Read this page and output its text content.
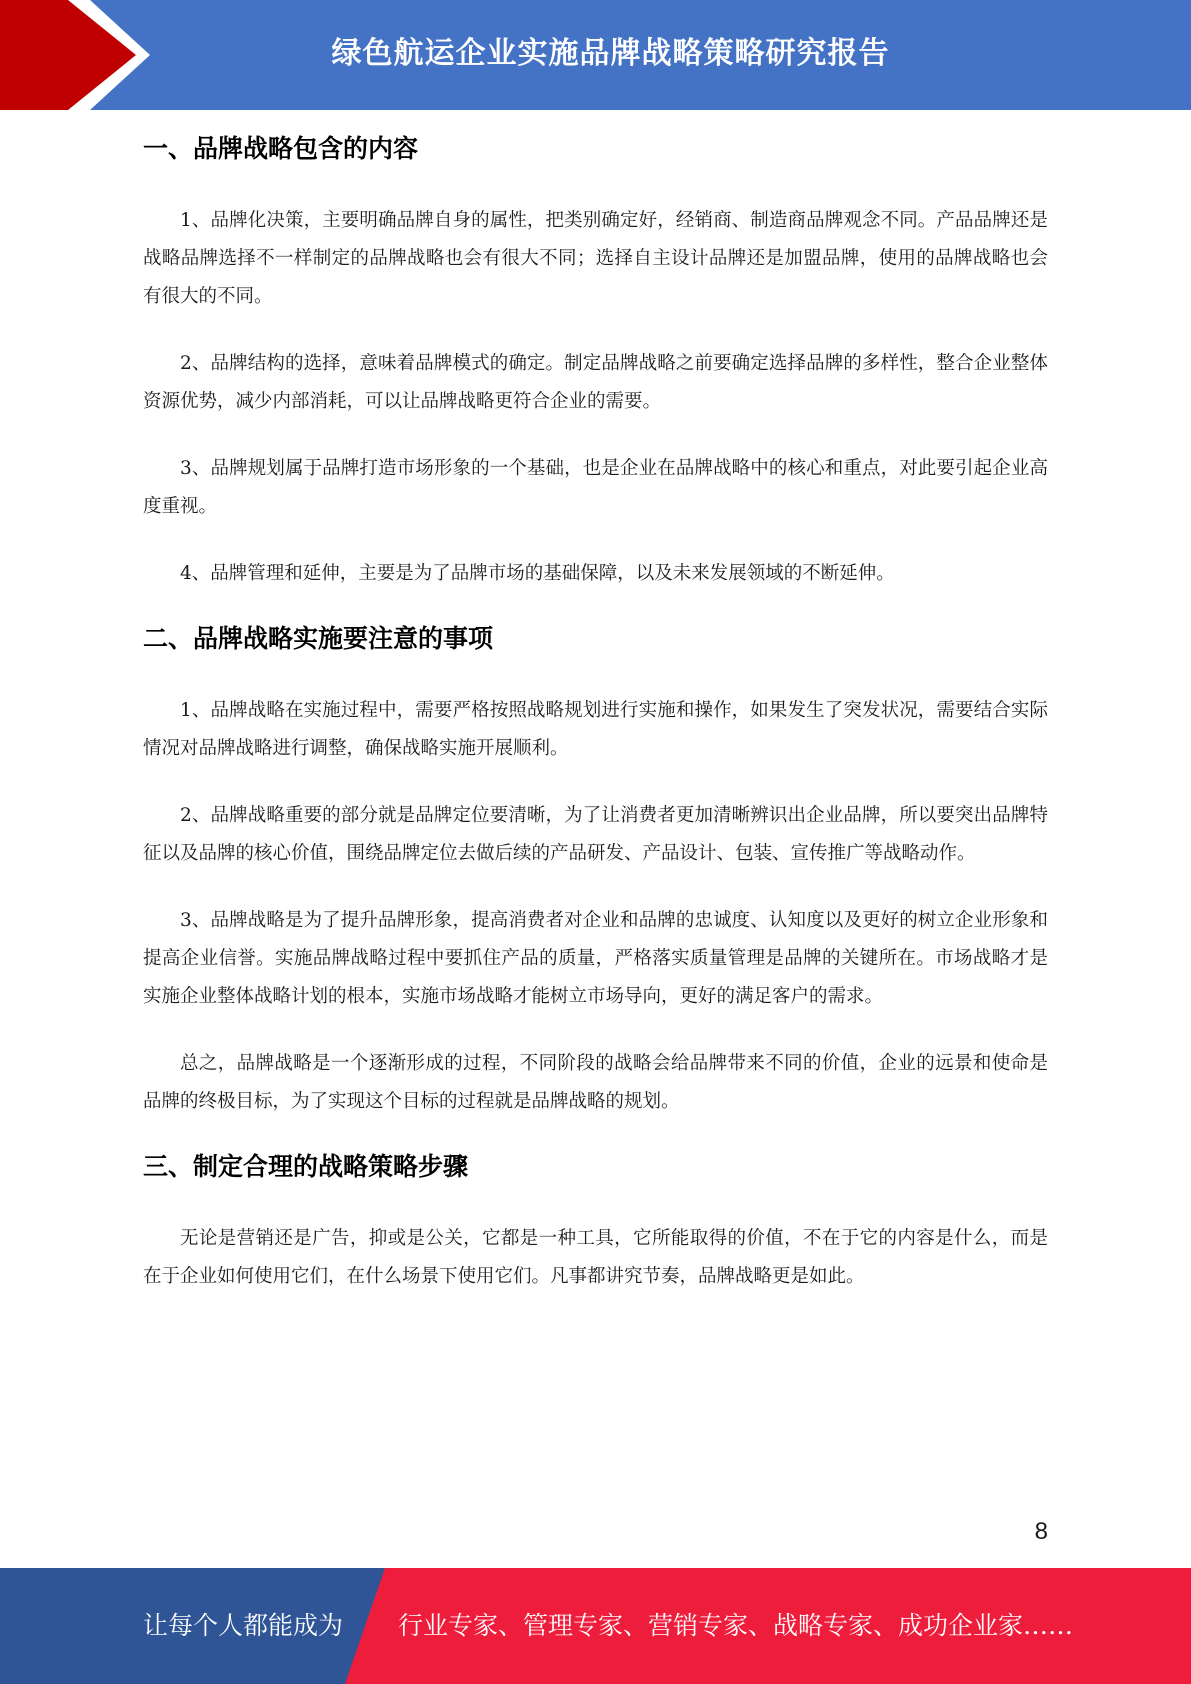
绿色航运企业实施品牌战略策略研究报告
一、品牌战略包含的内容

1、品牌化决策，主要明确品牌自身的属性，把类别确定好，经销商、制造商品牌观念不同。产品品牌还是战略品牌选择不一样制定的品牌战略也会有很大不同；选择自主设计品牌还是加盟品牌，使用的品牌战略也会有很大的不同。

2、品牌结构的选择，意味着品牌模式的确定。制定品牌战略之前要确定选择品牌的多样性，整合企业整体资源优势，减少内部消耗，可以让品牌战略更符合企业的需要。

3、品牌规划属于品牌打造市场形象的一个基础，也是企业在品牌战略中的核心和重点，对此要引起企业高度重视。

4、品牌管理和延伸，主要是为了品牌市场的基础保障，以及未来发展领域的不断延伸。

二、品牌战略实施要注意的事项

1、品牌战略在实施过程中，需要严格按照战略规划进行实施和操作，如果发生了突发状况，需要结合实际情况对品牌战略进行调整，确保战略实施开展顺利。

2、品牌战略重要的部分就是品牌定位要清晰，为了让消费者更加清晰辨识出企业品牌，所以要突出品牌特征以及品牌的核心价值，围绕品牌定位去做后续的产品研发、产品设计、包装、宣传推广等战略动作。

3、品牌战略是为了提升品牌形象，提高消费者对企业和品牌的忠诚度、认知度以及更好的树立企业形象和提高企业信誉。实施品牌战略过程中要抓住产品的质量，严格落实质量管理是品牌的关键所在。市场战略才是实施企业整体战略计划的根本，实施市场战略才能树立市场导向，更好的满足客户的需求。

总之，品牌战略是一个逐渐形成的过程，不同阶段的战略会给品牌带来不同的价值，企业的远景和使命是品牌的终极目标，为了实现这个目标的过程就是品牌战略的规划。

三、制定合理的战略策略步骤

无论是营销还是广告，抑或是公关，它都是一种工具，它所能取得的价值，不在于它的内容是什么，而是在于企业如何使用它们，在什么场景下使用它们。凡事都讲究节奏，品牌战略更是如此。

8
让每个人都能成为 行业专家、管理专家、营销专家、战略专家、成功企业家……
